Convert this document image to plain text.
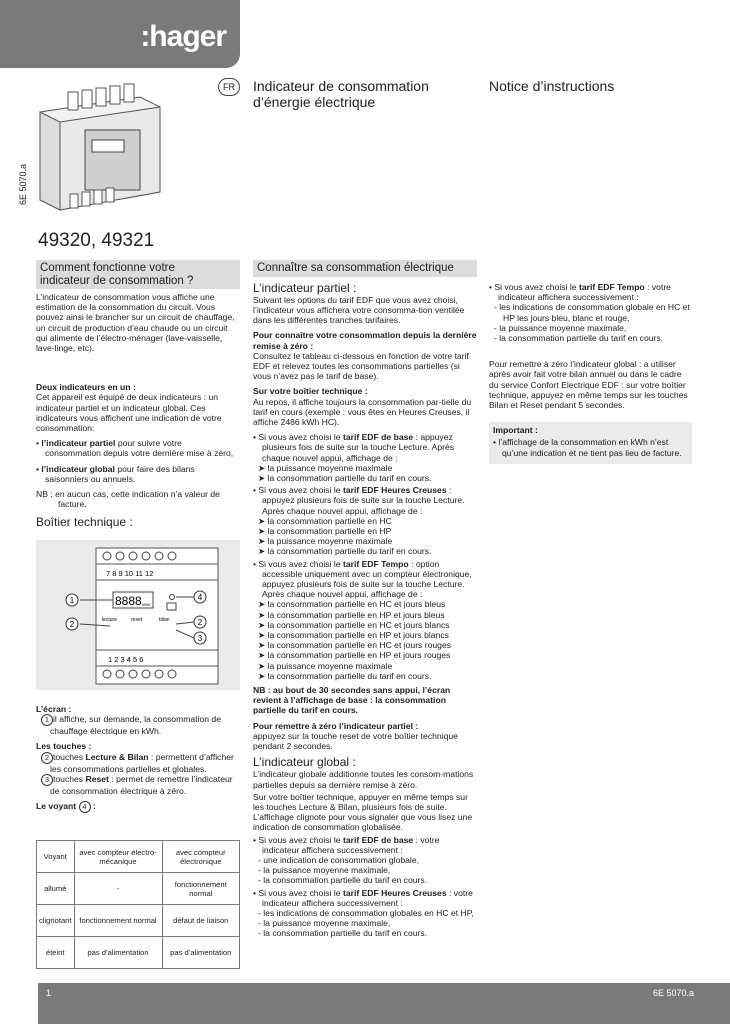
:hager
FR	Indicateur de consommation
d’énergie électrique
Notice d’instructions
6E 5070.a
49320, 49321
Comment fonctionne votre
indicateur de consommation ?

L’indicateur de consommation vous affiche une estimation de la consommation du circuit. Vous pouvez ainsi le brancher sur un circuit de chauffage, un circuit de production d’eau chaude ou un circuit qui alimente de l’électro-ménager (lave-vaisselle, lave-linge, etc).

Deux indicateurs en un :

Cet appareil est équipé de deux indicateurs : un indicateur partiel et un indicateur global. Ces indicateurs vous affichent une indication de votre consommation:

• l’indicateur partiel pour suivre votre consommation depuis votre dernière mise à zéro,

• l’indicateur global pour faire des bilans saisonniers ou annuels.

NB : en aucun cas, cette indication n’a valeur de facture.

Boîtier technique :
7 8 9 10 11 12
1 2 3 4 5 6
8888 kWh
lecture	reset	bilan
1
2
4
2
3
L’écran :

1 il affiche, sur demande, la consommation de chauffage électrique en kWh.

Les touches :

2 touches Lecture & Bilan : permettent d’afficher les consommations partielles et globales.

3 touches Reset : permet de remettre l’indicateur de consommation électrique à zéro.

Le voyant 4 :
Voyant	avec compteur électro-mécanique	avec compteur électronique
allumé	-	fonctionnement normal
clignotant	fonctionnement normal	défaut de liaison
éteint	pas d’alimentation	pas d’alimentation
Connaître sa consommation électrique
L’indicateur partiel :

Suivant les options du tarif EDF que vous avez choisi, l’indicateur vous affichera votre consomma-tion ventilée dans les différentes tranches tarifaires.

Pour connaître votre consommation depuis la dernière remise à zéro :

Consultez le tableau ci-dessous en fonction de votre tarif EDF et relevez toutes les consommations partielles (si vous n’avez pas le tarif de base).

Sur votre boîtier technique :

Au repos, il affiche toujours la consommation par-tielle du tarif en cours (exemple : vous êtes en Heures Creuses, il affiche 2486 kWh HC).

• Si vous avez choisi le tarif EDF de base : appuyez plusieurs fois de suite sur la touche Lecture. Après chaque nouvel appui, affichage de :
➤ la puissance moyenne maximale
➤ la consommation partielle du tarif en cours.
• Si vous avez choisi le tarif EDF Heures Creuses : appuyez plusieurs fois de suite sur la touche Lecture. Après chaque nouvel appui, affichage de :
➤ la consommation partielle en HC
➤ la consommation partielle en HP
➤ la puissance moyenne maximale
➤ la consommation partielle du tarif en cours.
• Si vous avez choisi le tarif EDF Tempo : option accessible uniquement avec un compteur électronique, appuyez plusieurs fois de suite sur la touche Lecture. Après chaque nouvel appui, affichage de :
➤ la consommation partielle en HC et jours bleus
➤ la consommation partielle en HP et jours bleus
➤ la consommation partielle en HC et jours blancs
➤ la consommation partielle en HP et jours blancs
➤ la consommation partielle en HC et jours rouges
➤ la consommation partielle en HP et jours rouges
➤ la puissance moyenne maximale
➤ la consommation partielle du tarif en cours.

NB : au bout de 30 secondes sans appui, l’écran revient à l’affichage de base : la consommation partielle du tarif en cours.

Pour remettre à zéro l’indicateur partiel :

appuyez sur la touche reset de votre boîtier technique pendant 2 secondes.

L’indicateur global :

L’indicateur globale additionne toutes les consom-mations partielles depuis sa dernière remise à zéro.

Sur votre boîtier technique, appuyer en même temps sur les touches Lecture & Bilan, plusieurs fois de suite.

L’affichage clignote pour vous signaler que vous lisez une indication de consommation globalisée.

• Si vous avez choisi le tarif EDF de base : votre indicateur affichera successivement :
- une indication de consommation globale,
- la puissance moyenne maximale,
- la consommation partielle du tarif en cours.
• Si vous avez choisi le tarif EDF Heures Creuses : votre indicateur affichera successivement :
- les indications de consommation globales en HC et HP,
- la puissance moyenne maximale,
- la consommation partielle du tarif en cours.
• Si vous avez choisi le tarif EDF Tempo : votre indicateur affichera successivement :
- les indications de consommation globale en HC et HP les jours bleu, blanc et rouge,
- la puissance moyenne maximale,
- la consommation partielle du tarif en cours.

Pour remettre à zéro l’indicateur global : a utiliser après avoir fait votre bilan annuel ou dans le cadre du service Confort Electrique EDF : sur votre boîtier technique, appuyez en même temps sur les touches Bilan et Reset pendant 5 secondes.

Important :
• l’affichage de la consommation en kWh n’est qu’une indication et ne tient pas lieu de facture.
1	6E 5070.a
